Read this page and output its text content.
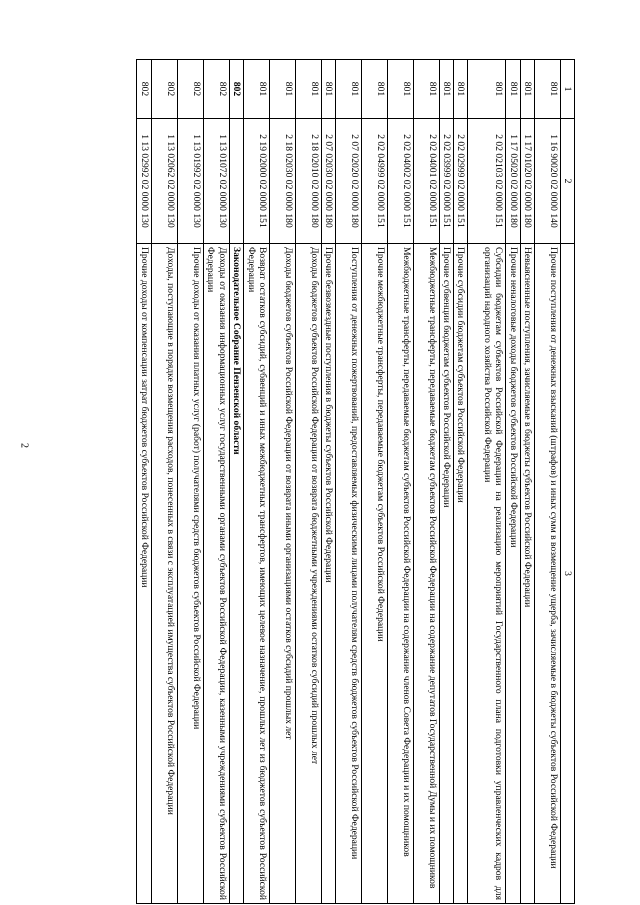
2
1	2	3
801	1 16 90020 02 0000 140	Прочие поступления от денежных взысканий (штрафов) и иных сумм в возмещение ущерба, зачисляемые в бюджеты субъектов Российской Федерации
801	1 17 01020 02 0000 180	Невыясненные поступления, зачисляемые в бюджеты субъектов Российской Федерации
801	1 17 05020 02 0000 180	Прочие неналоговые доходы бюджетов субъектов Российской Федерации
801	2 02 02103 02 0000 151	Субсидии бюджетам субъектов Российской Федерации на реализацию мероприятий Государственного плана подготовки управленческих кадров для организаций народного хозяйства Российской Федерации
801	2 02 02999 02 0000 151	Прочие субсидии бюджетам субъектов Российской Федерации
801	2 02 03999 02 0000 151	Прочие субвенции бюджетам субъектов Российской Федерации
801	2 02 04001 02 0000 151	Межбюджетные трансферты, передаваемые бюджетам субъектов Российской Федерации на содержание депутатов Государственной Думы и их помощников
801	2 02 04002 02 0000 151	Межбюджетные трансферты, передаваемые бюджетам субъектов Российской Федерации на содержание членов Совета Федерации и их помощников
801	2 02 04999 02 0000 151	Прочие межбюджетные трансферты, передаваемые бюджетам субъектов Российской Федерации
801	2 07 02020 02 0000 180	Поступления от денежных пожертвований, предоставляемых физическими лицами получателям средств бюджетов субъектов Российской Федерации
801	2 07 02030 02 0000 180	Прочие безвозмездные поступления в бюджеты субъектов Российской Федерации
801	2 18 02010 02 0000 180	Доходы бюджетов субъектов Российской Федерации от возврата бюджетными учреждениями остатков субсидий прошлых лет
801	2 18 02030 02 0000 180	Доходы бюджетов субъектов Российской Федерации от возврата иными организациями остатков субсидий прошлых лет
801	2 19 02000 02 0000 151	Возврат остатков субсидий, субвенций и иных межбюджетных трансфертов, имеющих целевое назначение, прошлых лет из бюджетов субъектов Российской Федерации
802		Законодательное Собрание Пензенской области
802	1 13 01072 02 0000 130	Доходы от оказания информационных услуг государственными органами субъектов Российской Федерации, казенными учреждениями субъектов Российской Федерации
802	1 13 01992 02 0000 130	Прочие доходы от оказания платных услуг (работ) получателями средств бюджетов субъектов Российской Федерации
802	1 13 02062 02 0000 130	Доходы, поступающие в порядке возмещения расходов, понесенных в связи с эксплуатацией имущества субъектов Российской Федерации
802	1 13 02992 02 0000 130	Прочие доходы от компенсации затрат бюджетов субъектов Российской Федерации
